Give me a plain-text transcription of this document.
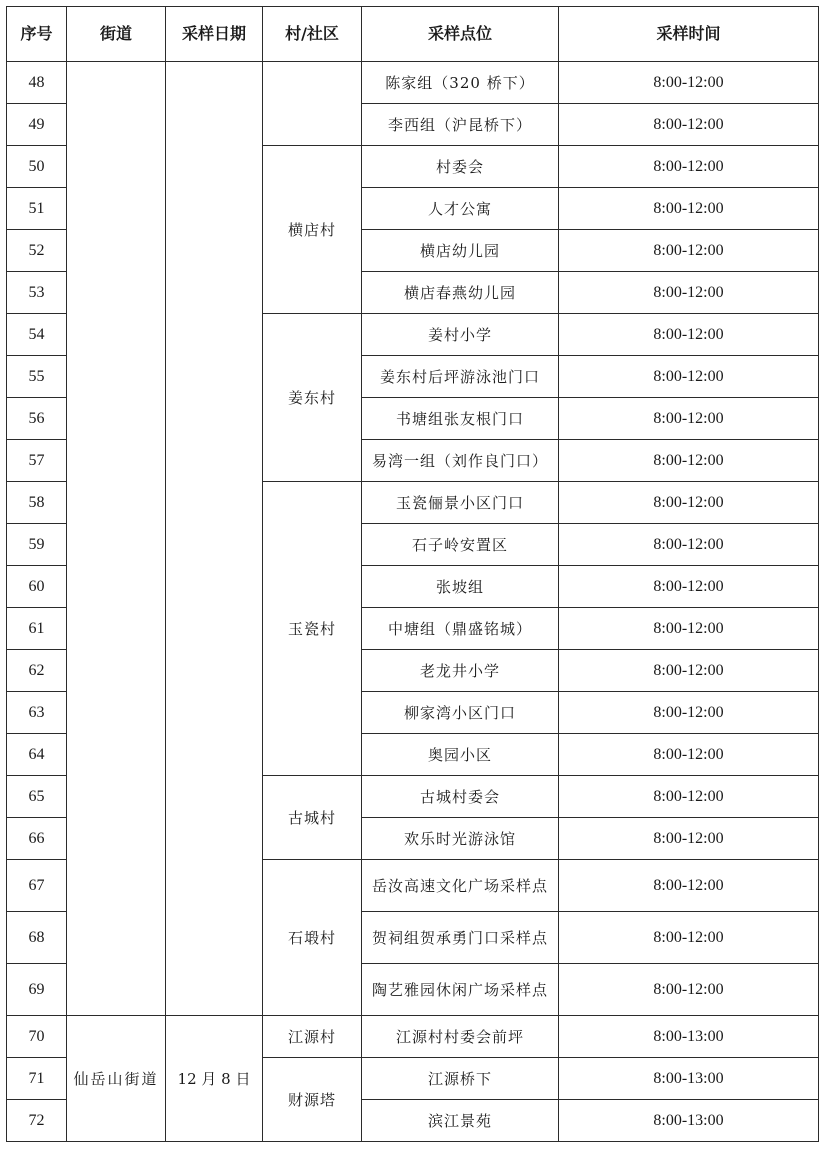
序号	街道	采样日期	村/社区	采样点位	采样时间
48				陈家组（320 桥下）	8:00-12:00
49				李西组（沪昆桥下）	8:00-12:00
50			横店村	村委会	8:00-12:00
51				人才公寓	8:00-12:00
52				横店幼儿园	8:00-12:00
53				横店春燕幼儿园	8:00-12:00
54			姜东村	姜村小学	8:00-12:00
55				姜东村后坪游泳池门口	8:00-12:00
56				书塘组张友根门口	8:00-12:00
57				易湾一组（刘作良门口）	8:00-12:00
58			玉瓷村	玉瓷俪景小区门口	8:00-12:00
59				石子岭安置区	8:00-12:00
60				张坡组	8:00-12:00
61				中塘组（鼎盛铭城）	8:00-12:00
62				老龙井小学	8:00-12:00
63				柳家湾小区门口	8:00-12:00
64				奥园小区	8:00-12:00
65			古城村	古城村委会	8:00-12:00
66				欢乐时光游泳馆	8:00-12:00
67			石塅村	岳汝高速文化广场采样点	8:00-12:00
68				贺祠组贺承勇门口采样点	8:00-12:00
69				陶艺雅园休闲广场采样点	8:00-12:00
70	仙岳山街道	12 月 8 日	江源村	江源村村委会前坪	8:00-13:00
71			财源塔	江源桥下	8:00-13:00
72				滨江景苑	8:00-13:00
